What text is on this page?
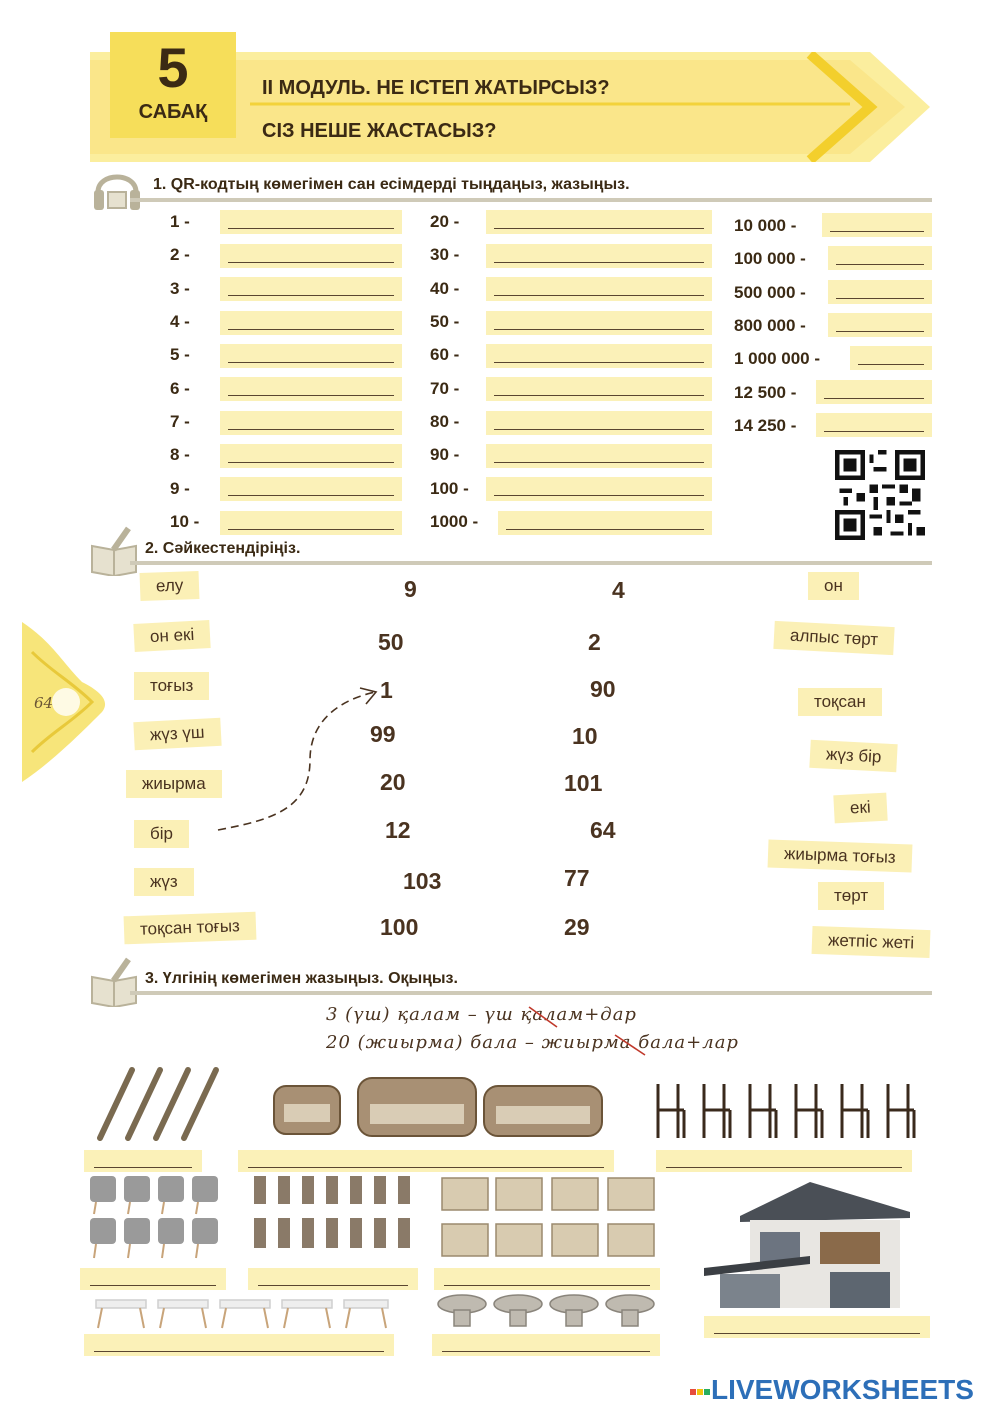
5
САБАҚ
II МОДУЛЬ. НЕ ІСТЕП ЖАТЫРСЫЗ?
СІЗ НЕШЕ ЖАСТАСЫЗ?
64
1. QR-кодтың көмегімен сан есімдерді тыңдаңыз, жазыңыз.
1 -
2 -
3 -
4 -
5 -
6 -
7 -
8 -
9 -
10 -
20 -
30 -
40 -
50 -
60 -
70 -
80 -
90 -
100 -
1000 -
10 000 -
100 000 -
500 000 -
800 000 -
1 000 000 -
12 500 -
14 250 -
2. Сәйкестендіріңіз.
елу
он екі
тоғыз
жүз үш
жиырма
бір
жүз
тоқсан тоғыз
9
50
1
99
20
12
103
100
4
2
90
10
101
64
77
29
он
алпыс төрт
тоқсан
жүз бір
екі
жиырма тоғыз
төрт
жетпіс жеті
3. Үлгінің көмегімен жазыңыз. Оқыңыз.
3 (үш) қалам – үш қалам+дар
20 (жиырма) бала – жиырма бала+лар
LIVEWORKSHEETS
